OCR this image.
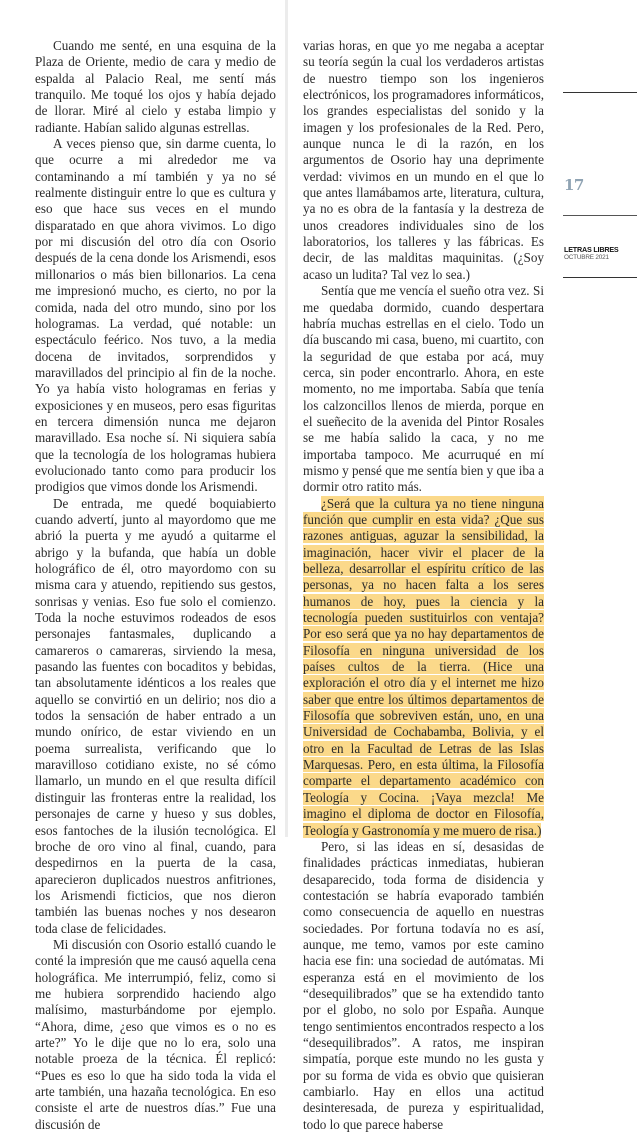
Cuando me senté, en una esquina de la Plaza de Oriente, medio de cara y medio de espalda al Palacio Real, me sentí más tranquilo. Me toqué los ojos y había dejado de llorar. Miré al cielo y estaba limpio y radiante. Habían salido algunas estrellas.

A veces pienso que, sin darme cuenta, lo que ocurre a mi alrededor me va contaminando a mí también y ya no sé realmente distinguir entre lo que es cultura y eso que hace sus veces en el mundo disparatado en que ahora vivimos. Lo digo por mi discusión del otro día con Osorio después de la cena donde los Arismendi, esos millonarios o más bien billonarios. La cena me impresionó mucho, es cierto, no por la comida, nada del otro mundo, sino por los hologramas. La verdad, qué notable: un espectáculo feérico. Nos tuvo, a la media docena de invitados, sorprendidos y maravillados del principio al fin de la noche. Yo ya había visto hologramas en ferias y exposiciones y en museos, pero esas figuritas en tercera dimensión nunca me dejaron maravillado. Esa noche sí. Ni siquiera sabía que la tecnología de los hologramas hubiera evolucionado tanto como para producir los prodigios que vimos donde los Arismendi.

De entrada, me quedé boquiabierto cuando advertí, junto al mayordomo que me abrió la puerta y me ayudó a quitarme el abrigo y la bufanda, que había un doble holográfico de él, otro mayordomo con su misma cara y atuendo, repitiendo sus gestos, sonrisas y venias. Eso fue solo el comienzo. Toda la noche estuvimos rodeados de esos personajes fantasmales, duplicando a camareros o camareras, sirviendo la mesa, pasando las fuentes con bocaditos y bebidas, tan absolutamente idénticos a los reales que aquello se convirtió en un delirio; nos dio a todos la sensación de haber entrado a un mundo onírico, de estar viviendo en un poema surrealista, verificando que lo maravilloso cotidiano existe, no sé cómo llamarlo, un mundo en el que resulta difícil distinguir las fronteras entre la realidad, los personajes de carne y hueso y sus dobles, esos fantoches de la ilusión tecnológica. El broche de oro vino al final, cuando, para despedirnos en la puerta de la casa, aparecieron duplicados nuestros anfitriones, los Arismendi ficticios, que nos dieron también las buenas noches y nos desearon toda clase de felicidades.

Mi discusión con Osorio estalló cuando le conté la impresión que me causó aquella cena holográfica. Me interrumpió, feliz, como si me hubiera sorprendido haciendo algo malísimo, masturbándome por ejemplo. “Ahora, dime, ¿eso que vimos es o no es arte?” Yo le dije que no lo era, solo una notable proeza de la técnica. Él replicó: “Pues es eso lo que ha sido toda la vida el arte también, una hazaña tecnológica. En eso consiste el arte de nuestros días.” Fue una discusión de

varias horas, en que yo me negaba a aceptar su teoría según la cual los verdaderos artistas de nuestro tiempo son los ingenieros electrónicos, los programadores informáticos, los grandes especialistas del sonido y la imagen y los profesionales de la Red. Pero, aunque nunca le di la razón, en los argumentos de Osorio hay una deprimente verdad: vivimos en un mundo en el que lo que antes llamábamos arte, literatura, cultura, ya no es obra de la fantasía y la destreza de unos creadores individuales sino de los laboratorios, los talleres y las fábricas. Es decir, de las malditas maquinitas. (¿Soy acaso un ludita? Tal vez lo sea.)

Sentía que me vencía el sueño otra vez. Si me quedaba dormido, cuando despertara habría muchas estrellas en el cielo. Todo un día buscando mi casa, bueno, mi cuartito, con la seguridad de que estaba por acá, muy cerca, sin poder encontrarlo. Ahora, en este momento, no me importaba. Sabía que tenía los calzoncillos llenos de mierda, porque en el sueñecito de la avenida del Pintor Rosales se me había salido la caca, y no me importaba tampoco. Me acurruqué en mí mismo y pensé que me sentía bien y que iba a dormir otro ratito más.

¿Será que la cultura ya no tiene ninguna función que cumplir en esta vida? ¿Que sus razones antiguas, aguzar la sensibilidad, la imaginación, hacer vivir el placer de la belleza, desarrollar el espíritu crítico de las personas, ya no hacen falta a los seres humanos de hoy, pues la ciencia y la tecnología pueden sustituirlos con ventaja? Por eso será que ya no hay departamentos de Filosofía en ninguna universidad de los países cultos de la tierra. (Hice una exploración el otro día y el internet me hizo saber que entre los últimos departamentos de Filosofía que sobreviven están, uno, en una Universidad de Cochabamba, Bolivia, y el otro en la Facultad de Letras de las Islas Marquesas. Pero, en esta última, la Filosofía comparte el departamento académico con Teología y Cocina. ¡Vaya mezcla! Me imagino el diploma de doctor en Filosofía, Teología y Gastronomía y me muero de risa.)

Pero, si las ideas en sí, desasidas de finalidades prácticas inmediatas, hubieran desaparecido, toda forma de disidencia y contestación se habría evaporado también como consecuencia de aquello en nuestras sociedades. Por fortuna todavía no es así, aunque, me temo, vamos por este camino hacia ese fin: una sociedad de autómatas. Mi esperanza está en el movimiento de los “desequilibrados” que se ha extendido tanto por el globo, no solo por España. Aunque tengo sentimientos encontrados respecto a los “desequilibrados”. A ratos, me inspiran simpatía, porque este mundo no les gusta y por su forma de vida es obvio que quisieran cambiarlo. Hay en ellos una actitud desinteresada, de pureza y espiritualidad, todo lo que parece haberse

17
LETRAS LIBRES
OCTUBRE 2021
